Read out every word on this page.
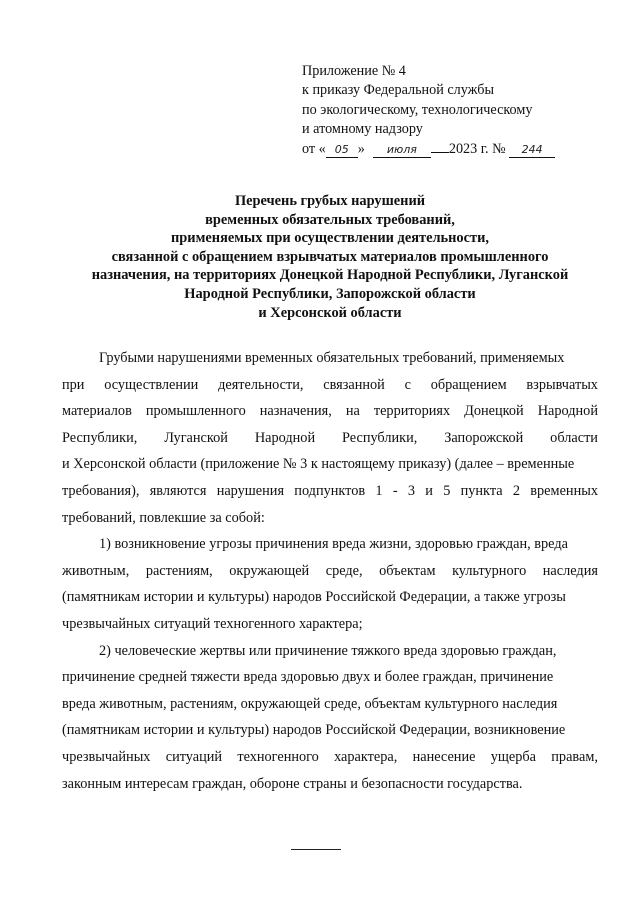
Приложение № 4
к приказу Федеральной службы
по экологическому, технологическому
и атомному надзору
от « 05 » июля 2023 г. № 244
Перечень грубых нарушений
временных обязательных требований,
применяемых при осуществлении деятельности,
связанной с обращением взрывчатых материалов промышленного
назначения, на территориях Донецкой Народной Республики, Луганской
Народной Республики, Запорожской области
и Херсонской области
Грубыми нарушениями временных обязательных требований, применяемых
при осуществлении деятельности, связанной с обращением взрывчатых
материалов промышленного назначения, на территориях Донецкой Народной
Республики, Луганской Народной Республики, Запорожской области
и Херсонской области (приложение № 3 к настоящему приказу) (далее – временные
требования), являются нарушения подпунктов 1 - 3 и 5 пункта 2 временных
требований, повлекшие за собой:
1) возникновение угрозы причинения вреда жизни, здоровью граждан, вреда
животным, растениям, окружающей среде, объектам культурного наследия
(памятникам истории и культуры) народов Российской Федерации, а также угрозы
чрезвычайных ситуаций техногенного характера;
2) человеческие жертвы или причинение тяжкого вреда здоровью граждан,
причинение средней тяжести вреда здоровью двух и более граждан, причинение
вреда животным, растениям, окружающей среде, объектам культурного наследия
(памятникам истории и культуры) народов Российской Федерации, возникновение
чрезвычайных ситуаций техногенного характера, нанесение ущерба правам,
законным интересам граждан, обороне страны и безопасности государства.
